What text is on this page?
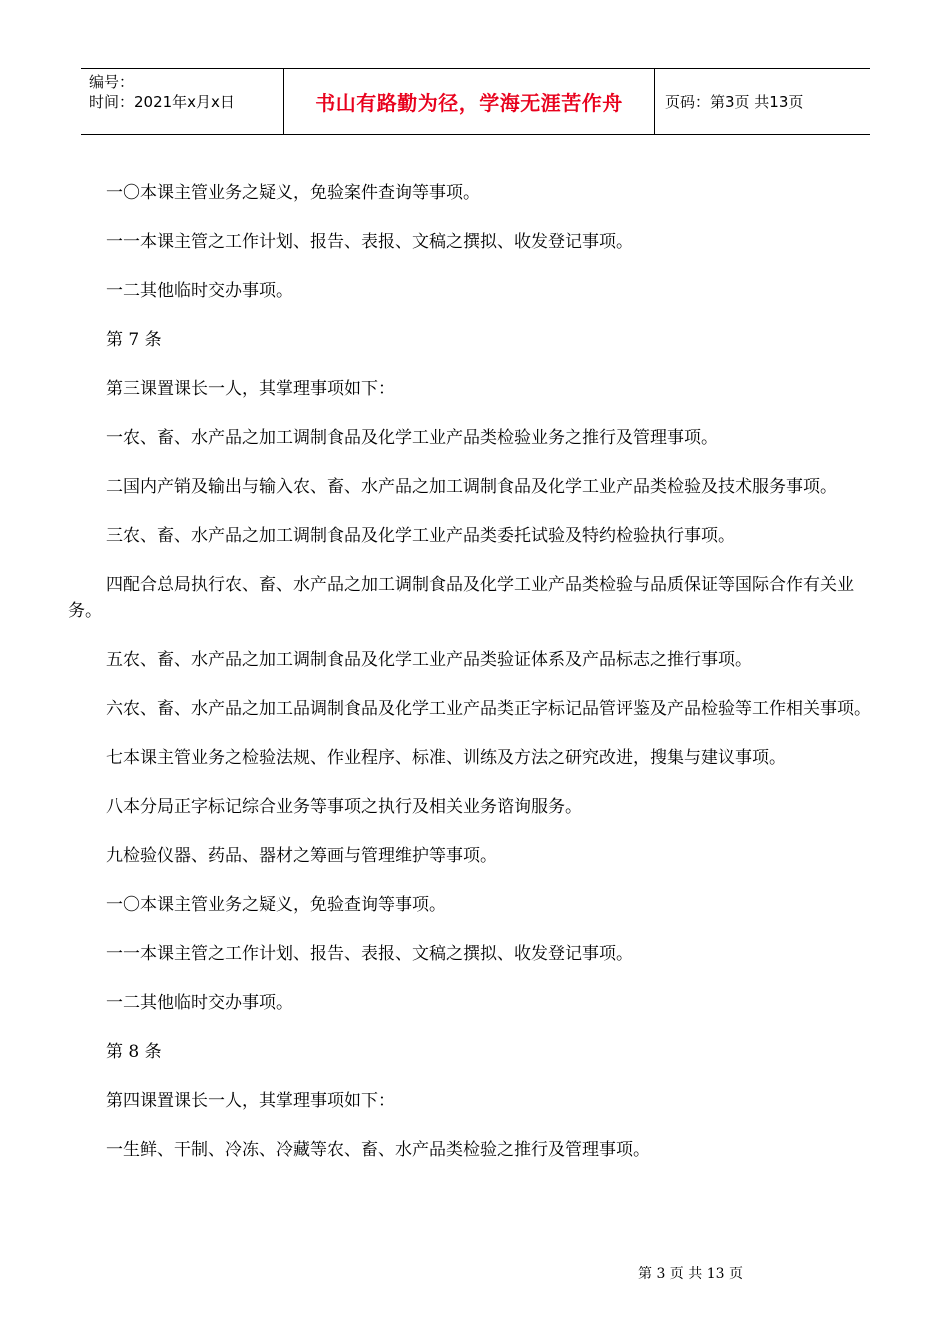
编号：
时间：2021年x月x日	书山有路勤为径，学海无涯苦作舟	页码：第3页 共13页

一〇本课主管业务之疑义，免验案件查询等事项。

一一本课主管之工作计划、报告、表报、文稿之撰拟、收发登记事项。

一二其他临时交办事项。

第 7 条

第三课置课长一人，其掌理事项如下：

一农、畜、水产品之加工调制食品及化学工业产品类检验业务之推行及管理事项。

二国内产销及输出与输入农、畜、水产品之加工调制食品及化学工业产品类检验及技术服务事项。

三农、畜、水产品之加工调制食品及化学工业产品类委托试验及特约检验执行事项。

四配合总局执行农、畜、水产品之加工调制食品及化学工业产品类检验与品质保证等国际合作有关业务。

五农、畜、水产品之加工调制食品及化学工业产品类验证体系及产品标志之推行事项。

六农、畜、水产品之加工品调制食品及化学工业产品类正字标记品管评鉴及产品检验等工作相关事项。

七本课主管业务之检验法规、作业程序、标准、训练及方法之研究改进，搜集与建议事项。

八本分局正字标记综合业务等事项之执行及相关业务谘询服务。

九检验仪器、药品、器材之筹画与管理维护等事项。

一〇本课主管业务之疑义，免验查询等事项。

一一本课主管之工作计划、报告、表报、文稿之撰拟、收发登记事项。

一二其他临时交办事项。

第 8 条

第四课置课长一人，其掌理事项如下：

一生鲜、干制、冷冻、冷藏等农、畜、水产品类检验之推行及管理事项。

第 3 页 共 13 页
